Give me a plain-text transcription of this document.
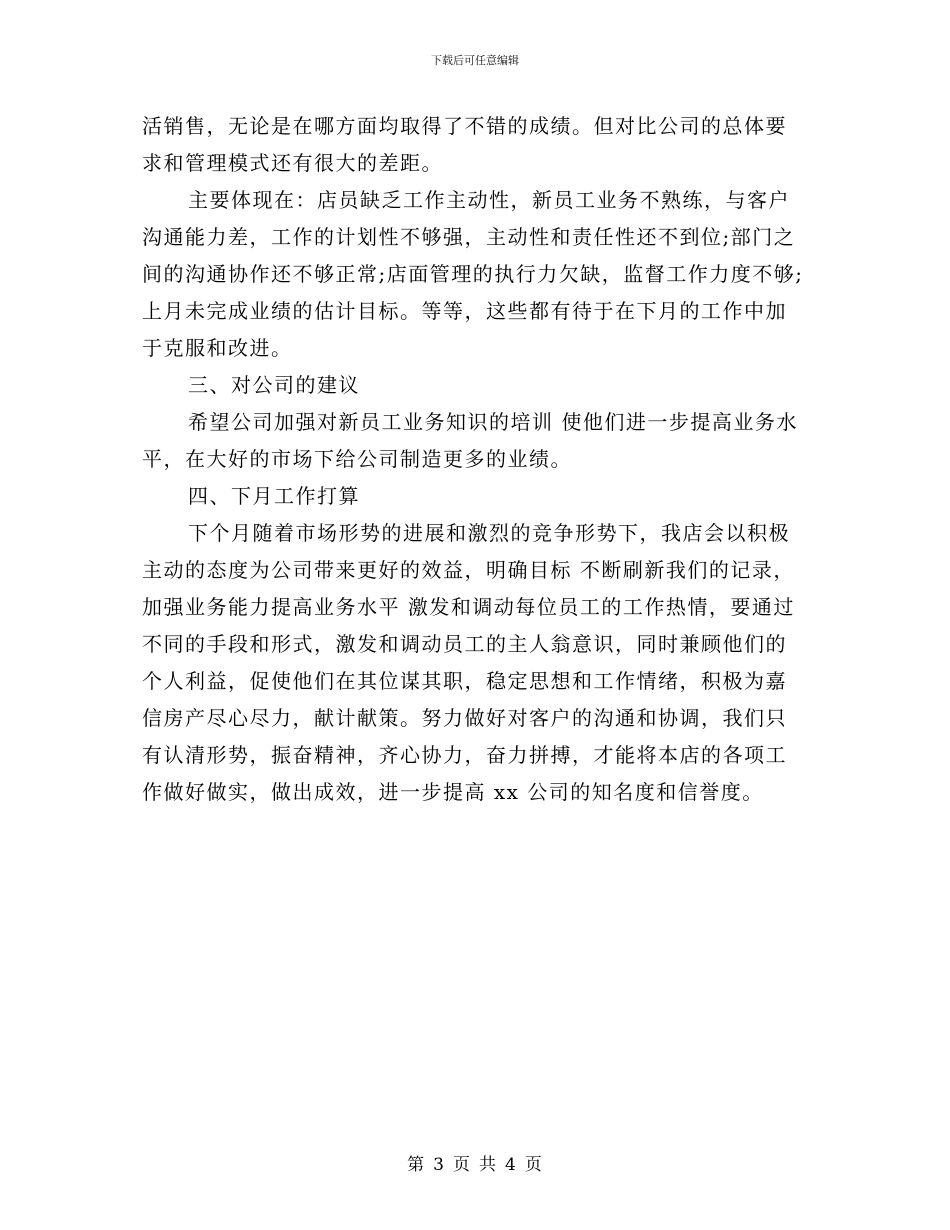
下载后可任意编辑
活销售，无论是在哪方面均取得了不错的成绩。但对比公司的总体要
求和管理模式还有很大的差距。
主要体现在：店员缺乏工作主动性，新员工业务不熟练，与客户
沟通能力差，工作的计划性不够强，主动性和责任性还不到位;部门之
间的沟通协作还不够正常;店面管理的执行力欠缺，监督工作力度不够;
上月未完成业绩的估计目标。等等，这些都有待于在下月的工作中加
于克服和改进。
三、对公司的建议
希望公司加强对新员工业务知识的培训 使他们进一步提高业务水
平，在大好的市场下给公司制造更多的业绩。
四、下月工作打算
下个月随着市场形势的进展和激烈的竞争形势下，我店会以积极
主动的态度为公司带来更好的效益，明确目标 不断刷新我们的记录，
加强业务能力提高业务水平 激发和调动每位员工的工作热情，要通过
不同的手段和形式，激发和调动员工的主人翁意识，同时兼顾他们的
个人利益，促使他们在其位谋其职，稳定思想和工作情绪，积极为嘉
信房产尽心尽力，献计献策。努力做好对客户的沟通和协调，我们只
有认清形势，振奋精神，齐心协力，奋力拼搏，才能将本店的各项工
作做好做实，做出成效，进一步提高 xx 公司的知名度和信誉度。
第 3 页 共 4 页
